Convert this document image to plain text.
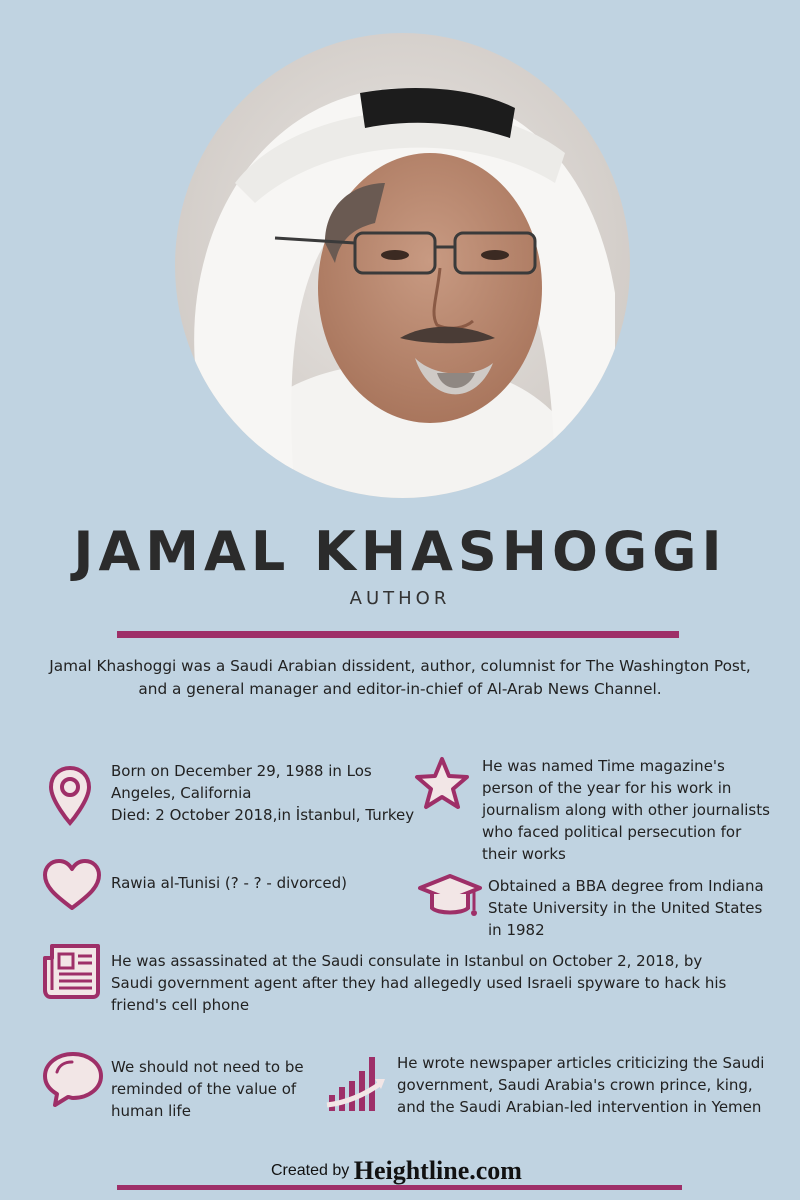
JAMAL KHASHOGGI
AUTHOR
Jamal Khashoggi was a Saudi Arabian dissident, author, columnist for The Washington Post,
and a general manager and editor-in-chief of Al-Arab News Channel.
Born on December 29, 1988 in Los
Angeles, California
Died: 2 October 2018,in İstanbul, Turkey
He was named Time magazine's
person of the year for his work in
journalism along with other journalists
who faced political persecution for
their works
Rawia al-Tunisi (? - ? - divorced)	Obtained a BBA degree from Indiana
State University in the United States
in 1982
He was assassinated at the Saudi consulate in Istanbul on October 2, 2018, by
Saudi government agent after they had allegedly used Israeli spyware to hack his
friend's cell phone
We should not need to be
reminded of the value of
human life
He wrote newspaper articles criticizing the Saudi
government, Saudi Arabia's crown prince, king,
and the Saudi Arabian-led intervention in Yemen
Created by Heightline.com
